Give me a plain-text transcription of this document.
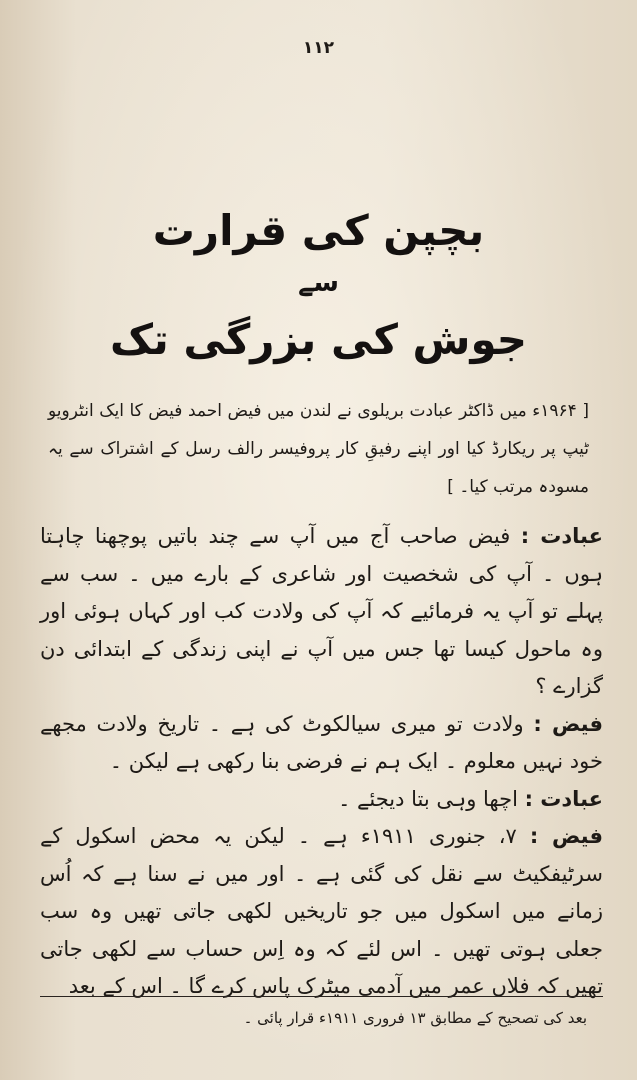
۱۱۲
بچپن کی قرارت
سے
جوش کی بزرگی تک
[ ۱۹۶۴ء میں ڈاکٹر عبادت بریلوی نے لندن میں فیض احمد فیض کا ایک انٹرویو ٹیپ پر ریکارڈ کیا اور اپنے رفیقِ کار پروفیسر رالف رسل کے اشتراک سے یہ مسودہ مرتب کیا۔ ]

عبادت : فیض صاحب آج میں آپ سے چند باتیں پوچھنا چاہتا ہوں ۔ آپ کی شخصیت اور شاعری کے بارے میں ۔ سب سے پہلے تو آپ یہ فرمائیے کہ آپ کی ولادت کب اور کہاں ہوئی اور وہ ماحول کیسا تھا جس میں آپ نے اپنی زندگی کے ابتدائی دن گزارے ؟

فیض : ولادت تو میری سیالکوٹ کی ہے ۔ تاریخ ولادت مجھے خود نہیں معلوم ۔ ایک ہم نے فرضی بنا رکھی ہے لیکن ۔

عبادت : اچھا وہی بتا دیجئے ۔

فیض : ۷، جنوری ۱۹۱۱ء ہے ۔ لیکن یہ محض اسکول کے سرٹیفکیٹ سے نقل کی گئی ہے ۔ اور میں نے سنا ہے کہ اُس زمانے میں اسکول میں جو تاریخیں لکھی جاتی تھیں وہ سب جعلی ہوتی تھیں ۔ اس لئے کہ وہ اِس حساب سے لکھی جاتی تھیں کہ فلاں عمر میں آدمی میٹرک پاس کرے گا ۔ اس کے بعد

بعد کی تصحیح کے مطابق ۱۳ فروری ۱۹۱۱ء قرار پائی ۔
